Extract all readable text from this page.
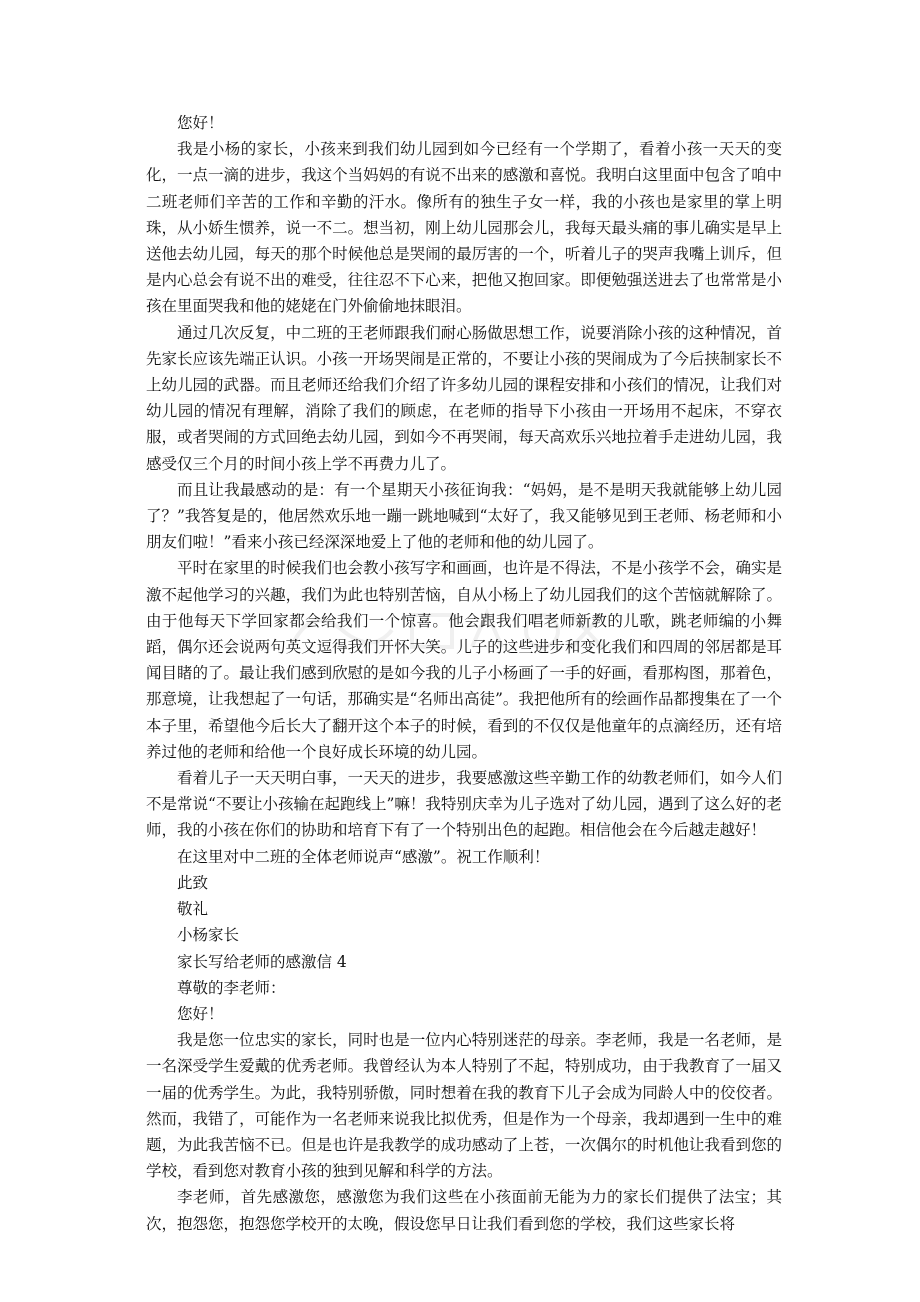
您好！

我是小杨的家长，小孩来到我们幼儿园到如今已经有一个学期了，看着小孩一天天的变化，一点一滴的进步，我这个当妈妈的有说不出来的感激和喜悦。我明白这里面中包含了咱中二班老师们辛苦的工作和辛勤的汗水。像所有的独生子女一样，我的小孩也是家里的掌上明珠，从小娇生惯养，说一不二。想当初，刚上幼儿园那会儿，我每天最头痛的事儿确实是早上送他去幼儿园，每天的那个时候他总是哭闹的最厉害的一个，听着儿子的哭声我嘴上训斥，但是内心总会有说不出的难受，往往忍不下心来，把他又抱回家。即便勉强送进去了也常常是小孩在里面哭我和他的姥姥在门外偷偷地抹眼泪。

通过几次反复，中二班的王老师跟我们耐心肠做思想工作，说要消除小孩的这种情况，首先家长应该先端正认识。小孩一开场哭闹是正常的，不要让小孩的哭闹成为了今后挟制家长不上幼儿园的武器。而且老师还给我们介绍了许多幼儿园的课程安排和小孩们的情况，让我们对幼儿园的情况有理解，消除了我们的顾虑，在老师的指导下小孩由一开场用不起床，不穿衣服，或者哭闹的方式回绝去幼儿园，到如今不再哭闹，每天高欢乐兴地拉着手走进幼儿园，我感受仅三个月的时间小孩上学不再费力儿了。

而且让我最感动的是：有一个星期天小孩征询我：“妈妈，是不是明天我就能够上幼儿园了？”我答复是的，他居然欢乐地一蹦一跳地喊到“太好了，我又能够见到王老师、杨老师和小朋友们啦！”看来小孩已经深深地爱上了他的老师和他的幼儿园了。

平时在家里的时候我们也会教小孩写字和画画，也许是不得法，不是小孩学不会，确实是激不起他学习的兴趣，我们为此也特别苦恼，自从小杨上了幼儿园我们的这个苦恼就解除了。由于他每天下学回家都会给我们一个惊喜。他会跟我们唱老师新教的儿歌，跳老师编的小舞蹈，偶尔还会说两句英文逗得我们开怀大笑。儿子的这些进步和变化我们和四周的邻居都是耳闻目睹的了。最让我们感到欣慰的是如今我的儿子小杨画了一手的好画，看那构图，那着色，那意境，让我想起了一句话，那确实是“名师出高徒”。我把他所有的绘画作品都搜集在了一个本子里，希望他今后长大了翻开这个本子的时候，看到的不仅仅是他童年的点滴经历，还有培养过他的老师和给他一个良好成长环境的幼儿园。

看着儿子一天天明白事，一天天的进步，我要感激这些辛勤工作的幼教老师们，如今人们不是常说“不要让小孩输在起跑线上”嘛！我特别庆幸为儿子选对了幼儿园，遇到了这么好的老师，我的小孩在你们的协助和培育下有了一个特别出色的起跑。相信他会在今后越走越好！

在这里对中二班的全体老师说声“感激”。祝工作顺利！

此致

敬礼

小杨家长

家长写给老师的感激信 4

尊敬的李老师：

您好！

我是您一位忠实的家长，同时也是一位内心特别迷茫的母亲。李老师，我是一名老师，是一名深受学生爱戴的优秀老师。我曾经认为本人特别了不起，特别成功，由于我教育了一届又一届的优秀学生。为此，我特别骄傲，同时想着在我的教育下儿子会成为同龄人中的佼佼者。然而，我错了，可能作为一名老师来说我比拟优秀，但是作为一个母亲，我却遇到一生中的难题，为此我苦恼不已。但是也许是我教学的成功感动了上苍，一次偶尔的时机他让我看到您的学校，看到您对教育小孩的独到见解和科学的方法。

李老师，首先感激您，感激您为我们这些在小孩面前无能为力的家长们提供了法宝；其次，抱怨您，抱怨您学校开的太晚，假设您早日让我们看到您的学校，我们这些家长将
